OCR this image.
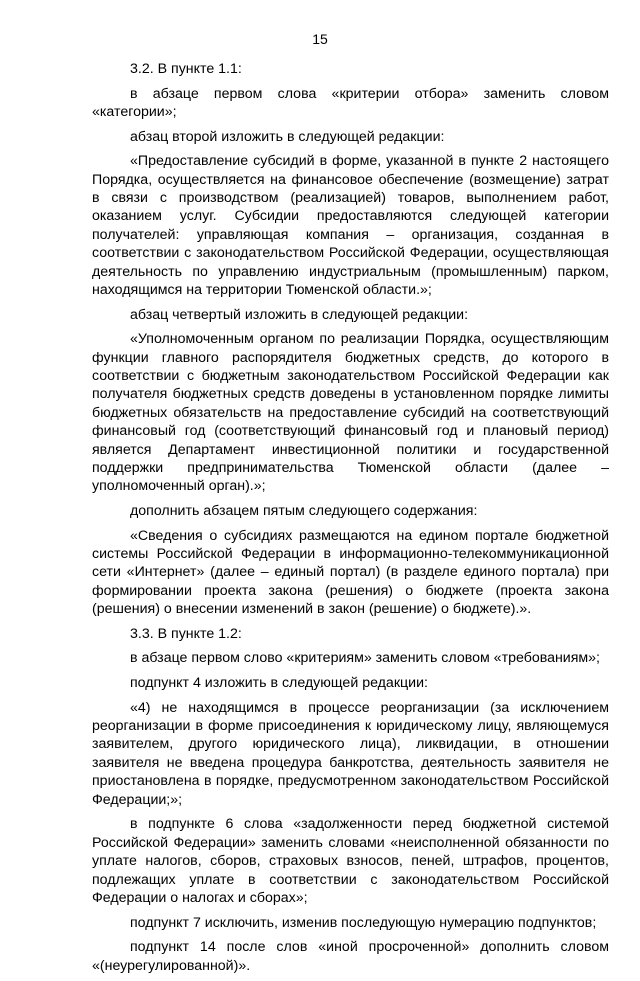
15

3.2. В пункте 1.1:

в абзаце первом слова «критерии отбора» заменить словом «категории»;

абзац второй изложить в следующей редакции:

«Предоставление субсидий в форме, указанной в пункте 2 настоящего Порядка, осуществляется на финансовое обеспечение (возмещение) затрат в связи с производством (реализацией) товаров, выполнением работ, оказанием услуг. Субсидии предоставляются следующей категории получателей: управляющая компания – организация, созданная в соответствии с законодательством Российской Федерации, осуществляющая деятельность по управлению индустриальным (промышленным) парком, находящимся на территории Тюменской области.»;

абзац четвертый изложить в следующей редакции:

«Уполномоченным органом по реализации Порядка, осуществляющим функции главного распорядителя бюджетных средств, до которого в соответствии с бюджетным законодательством Российской Федерации как получателя бюджетных средств доведены в установленном порядке лимиты бюджетных обязательств на предоставление субсидий на соответствующий финансовый год (соответствующий финансовый год и плановый период) является Департамент инвестиционной политики и государственной поддержки предпринимательства Тюменской области (далее – уполномоченный орган).»;

дополнить абзацем пятым следующего содержания:

«Сведения о субсидиях размещаются на едином портале бюджетной системы Российской Федерации в информационно-телекоммуникационной сети «Интернет» (далее – единый портал) (в разделе единого портала) при формировании проекта закона (решения) о бюджете (проекта закона (решения) о внесении изменений в закон (решение) о бюджете).».

3.3. В пункте 1.2:

в абзаце первом слово «критериям» заменить словом «требованиям»;

подпункт 4 изложить в следующей редакции:

«4) не находящимся в процессе реорганизации (за исключением реорганизации в форме присоединения к юридическому лицу, являющемуся заявителем, другого юридического лица), ликвидации, в отношении заявителя не введена процедура банкротства, деятельность заявителя не приостановлена в порядке, предусмотренном законодательством Российской Федерации;»;

в подпункте 6 слова «задолженности перед бюджетной системой Российской Федерации» заменить словами «неисполненной обязанности по уплате налогов, сборов, страховых взносов, пеней, штрафов, процентов, подлежащих уплате в соответствии с законодательством Российской Федерации о налогах и сборах»;

подпункт 7 исключить, изменив последующую нумерацию подпунктов;

подпункт 14 после слов «иной просроченной» дополнить словом «(неурегулированной)».
